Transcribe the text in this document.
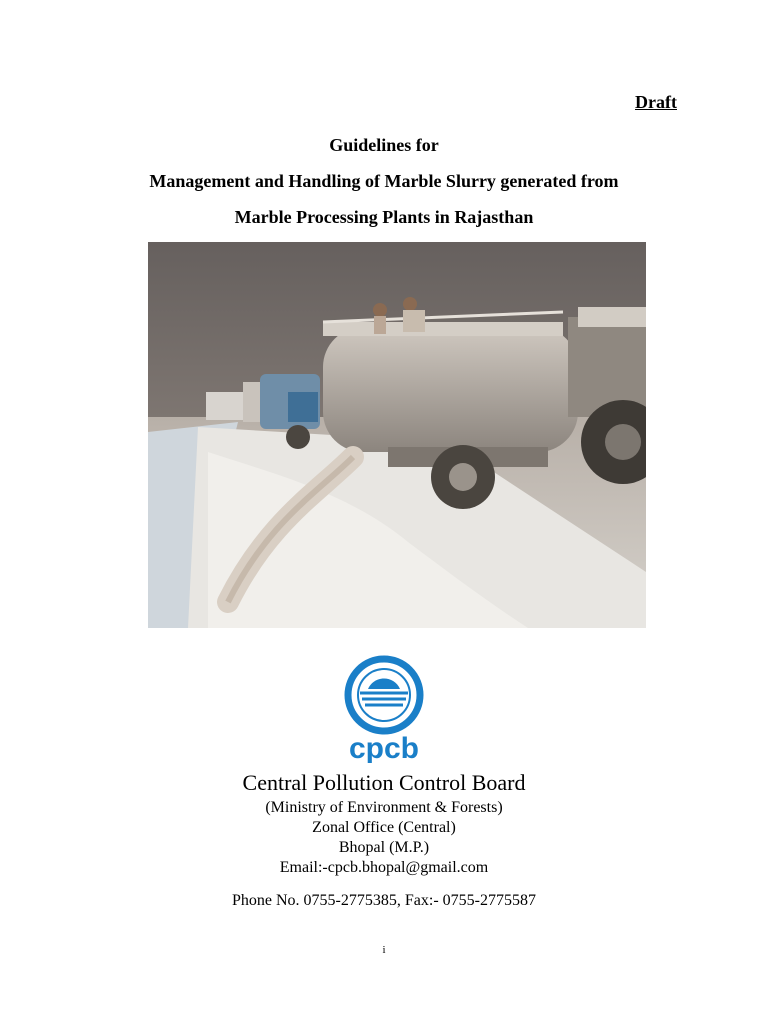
Draft
Guidelines for
Management and Handling of Marble Slurry generated from
Marble Processing Plants in Rajasthan
cpcb
Central Pollution Control Board
(Ministry of Environment & Forests)
Zonal Office (Central)
Bhopal (M.P.)
Email:-cpcb.bhopal@gmail.com
Phone No. 0755-2775385, Fax:- 0755-2775587
i
